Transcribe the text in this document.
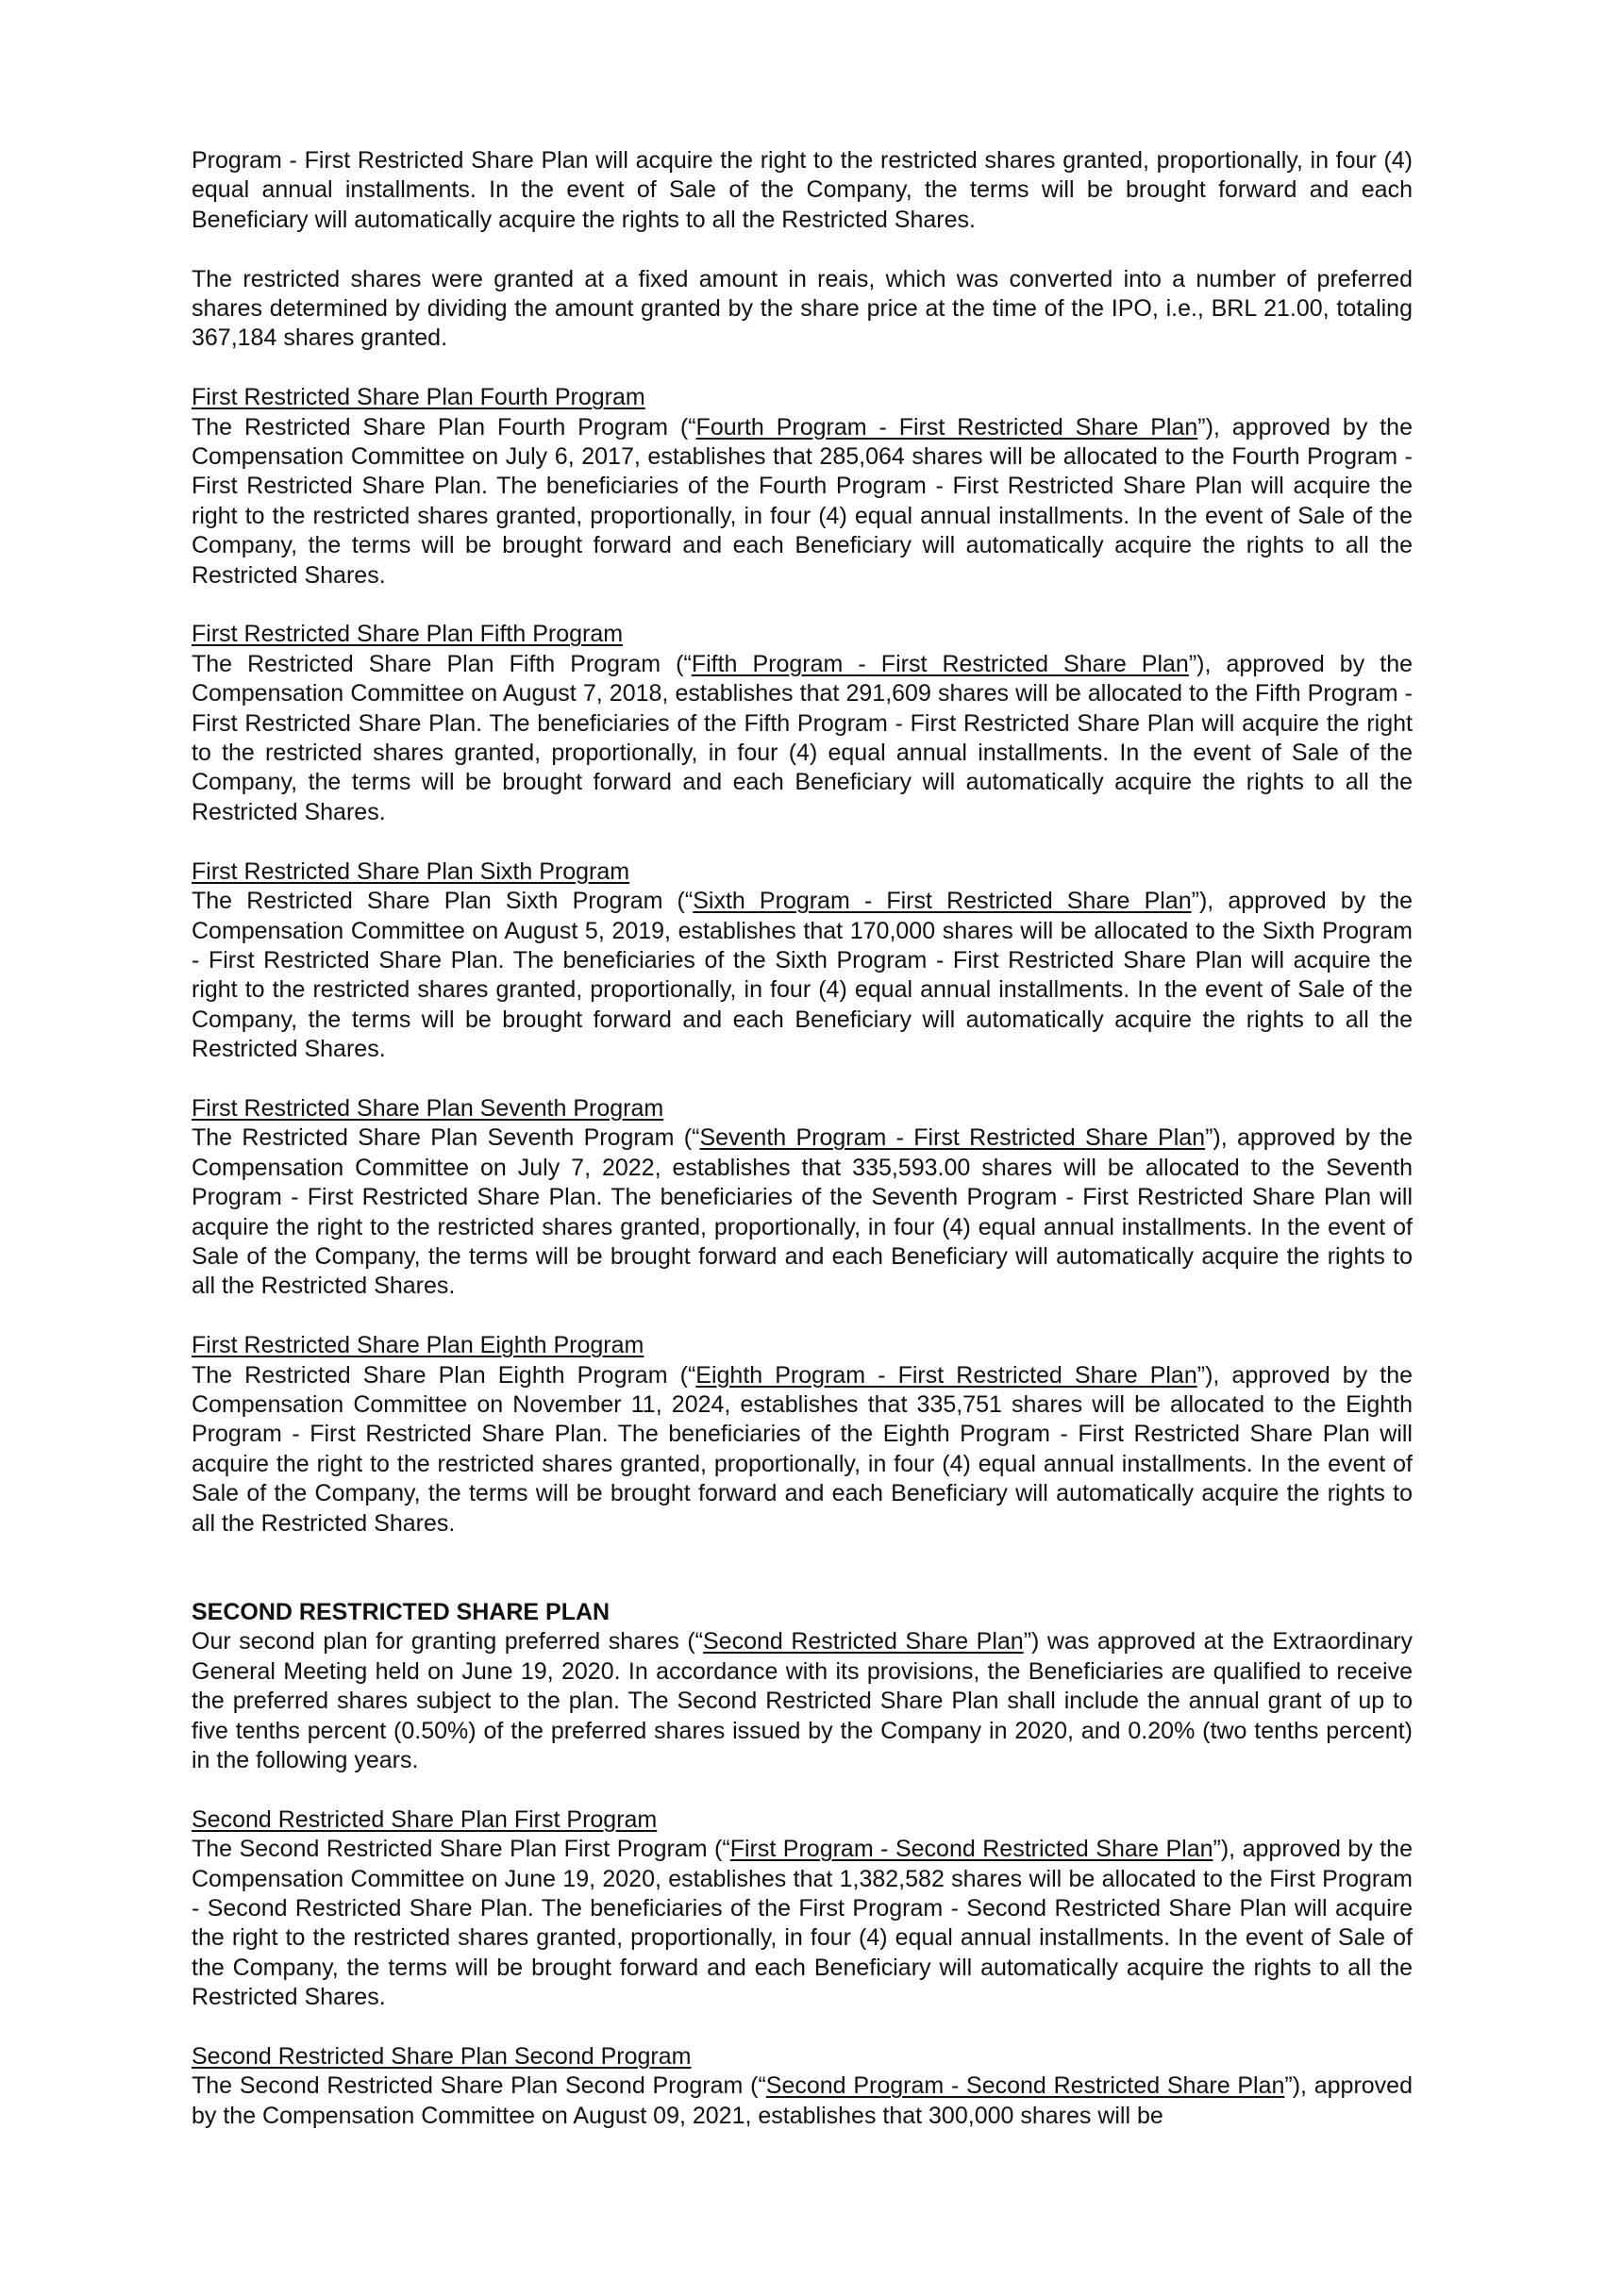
Program - First Restricted Share Plan will acquire the right to the restricted shares granted, proportionally, in four (4) equal annual installments. In the event of Sale of the Company, the terms will be brought forward and each Beneficiary will automatically acquire the rights to all the Restricted Shares.

The restricted shares were granted at a fixed amount in reais, which was converted into a number of preferred shares determined by dividing the amount granted by the share price at the time of the IPO, i.e., BRL 21.00, totaling 367,184 shares granted.

First Restricted Share Plan Fourth Program

The Restricted Share Plan Fourth Program (“Fourth Program - First Restricted Share Plan”), approved by the Compensation Committee on July 6, 2017, establishes that 285,064 shares will be allocated to the Fourth Program - First Restricted Share Plan. The beneficiaries of the Fourth Program - First Restricted Share Plan will acquire the right to the restricted shares granted, proportionally, in four (4) equal annual installments. In the event of Sale of the Company, the terms will be brought forward and each Beneficiary will automatically acquire the rights to all the Restricted Shares.

First Restricted Share Plan Fifth Program

The Restricted Share Plan Fifth Program (“Fifth Program - First Restricted Share Plan”), approved by the Compensation Committee on August 7, 2018, establishes that 291,609 shares will be allocated to the Fifth Program - First Restricted Share Plan. The beneficiaries of the Fifth Program - First Restricted Share Plan will acquire the right to the restricted shares granted, proportionally, in four (4) equal annual installments. In the event of Sale of the Company, the terms will be brought forward and each Beneficiary will automatically acquire the rights to all the Restricted Shares.

First Restricted Share Plan Sixth Program

The Restricted Share Plan Sixth Program (“Sixth Program - First Restricted Share Plan”), approved by the Compensation Committee on August 5, 2019, establishes that 170,000 shares will be allocated to the Sixth Program - First Restricted Share Plan. The beneficiaries of the Sixth Program - First Restricted Share Plan will acquire the right to the restricted shares granted, proportionally, in four (4) equal annual installments. In the event of Sale of the Company, the terms will be brought forward and each Beneficiary will automatically acquire the rights to all the Restricted Shares.

First Restricted Share Plan Seventh Program

The Restricted Share Plan Seventh Program (“Seventh Program - First Restricted Share Plan”), approved by the Compensation Committee on July 7, 2022, establishes that 335,593.00 shares will be allocated to the Seventh Program - First Restricted Share Plan. The beneficiaries of the Seventh Program - First Restricted Share Plan will acquire the right to the restricted shares granted, proportionally, in four (4) equal annual installments. In the event of Sale of the Company, the terms will be brought forward and each Beneficiary will automatically acquire the rights to all the Restricted Shares.

First Restricted Share Plan Eighth Program

The Restricted Share Plan Eighth Program (“Eighth Program - First Restricted Share Plan”), approved by the Compensation Committee on November 11, 2024, establishes that 335,751 shares will be allocated to the Eighth Program - First Restricted Share Plan. The beneficiaries of the Eighth Program - First Restricted Share Plan will acquire the right to the restricted shares granted, proportionally, in four (4) equal annual installments. In the event of Sale of the Company, the terms will be brought forward and each Beneficiary will automatically acquire the rights to all the Restricted Shares.

SECOND RESTRICTED SHARE PLAN

Our second plan for granting preferred shares (“Second Restricted Share Plan”) was approved at the Extraordinary General Meeting held on June 19, 2020. In accordance with its provisions, the Beneficiaries are qualified to receive the preferred shares subject to the plan. The Second Restricted Share Plan shall include the annual grant of up to five tenths percent (0.50%) of the preferred shares issued by the Company in 2020, and 0.20% (two tenths percent) in the following years.

Second Restricted Share Plan First Program

The Second Restricted Share Plan First Program (“First Program - Second Restricted Share Plan”), approved by the Compensation Committee on June 19, 2020, establishes that 1,382,582 shares will be allocated to the First Program - Second Restricted Share Plan. The beneficiaries of the First Program - Second Restricted Share Plan will acquire the right to the restricted shares granted, proportionally, in four (4) equal annual installments. In the event of Sale of the Company, the terms will be brought forward and each Beneficiary will automatically acquire the rights to all the Restricted Shares.

Second Restricted Share Plan Second Program

The Second Restricted Share Plan Second Program (“Second Program - Second Restricted Share Plan”), approved by the Compensation Committee on August 09, 2021, establishes that 300,000 shares will be
